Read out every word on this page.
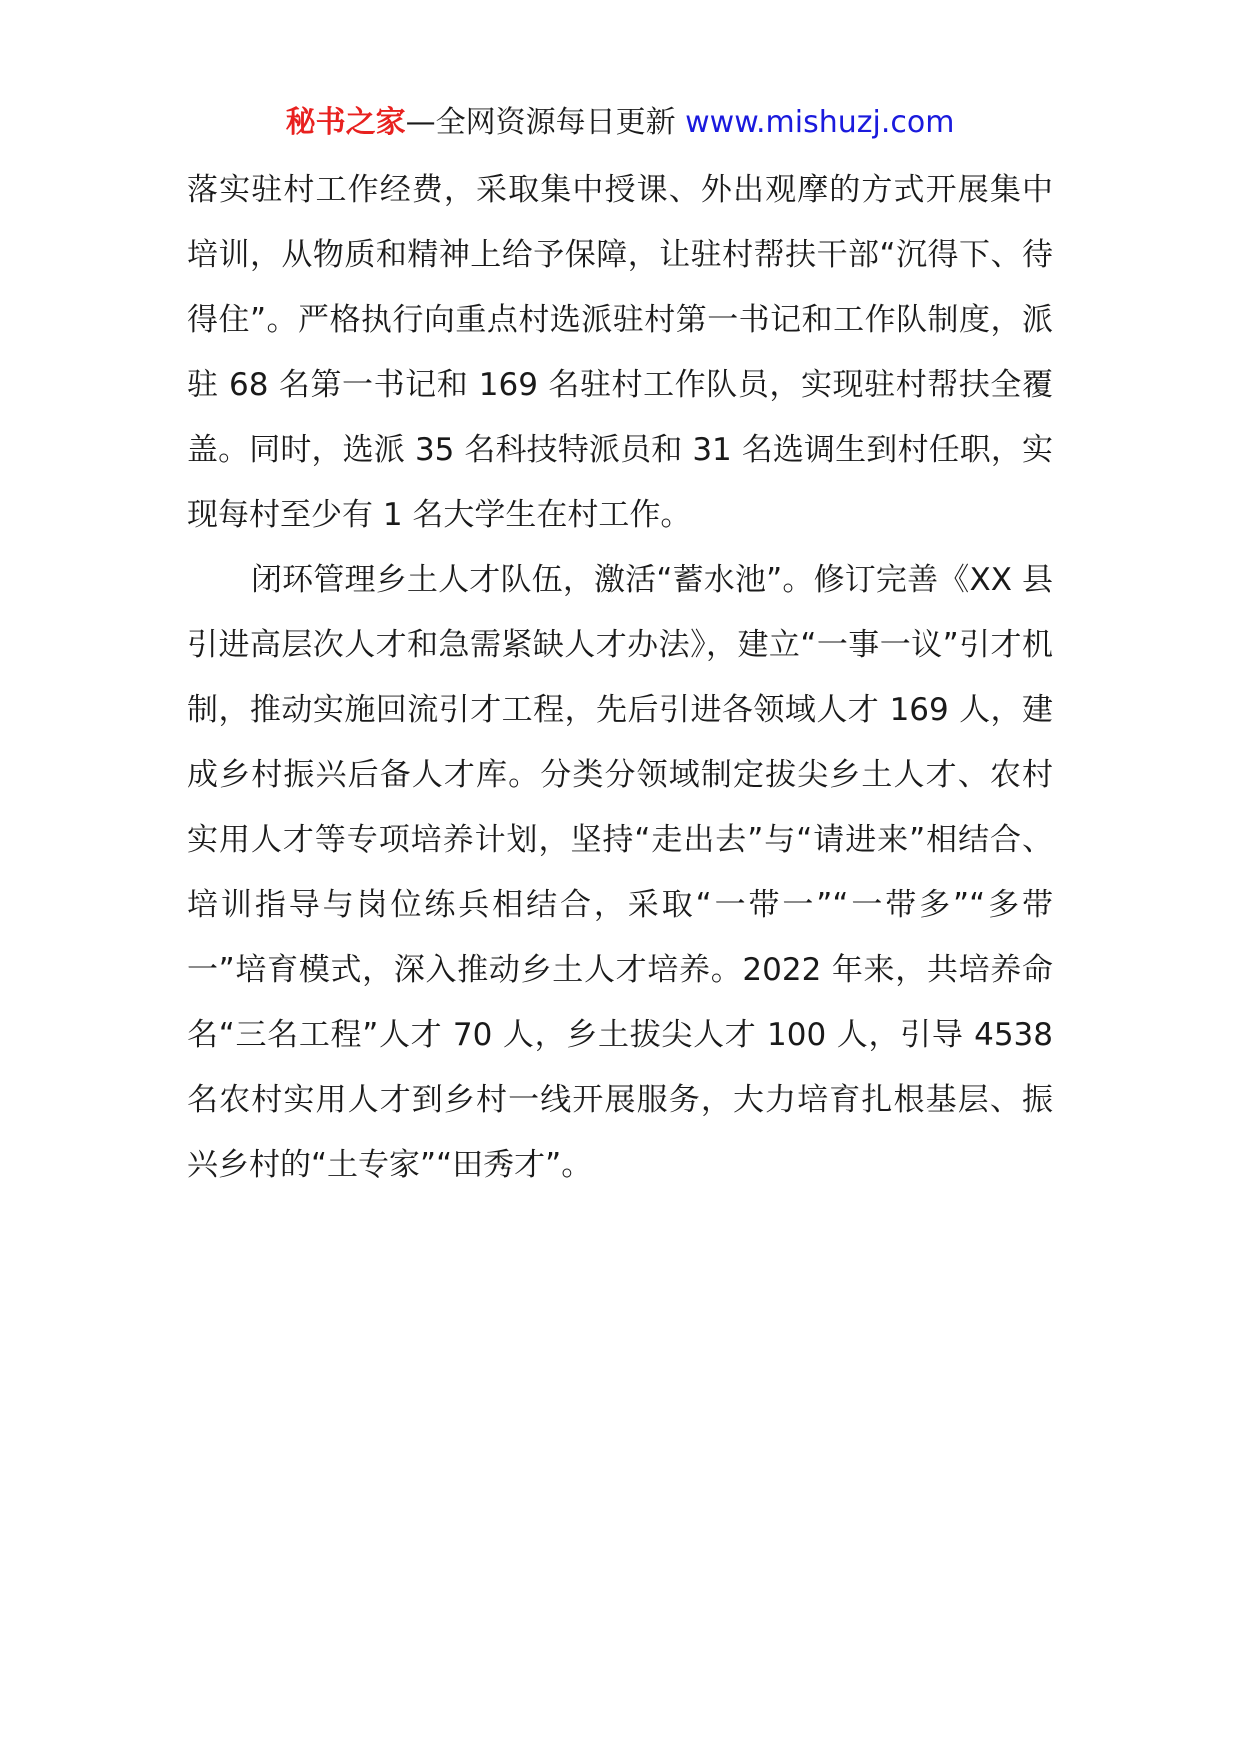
秘书之家—全网资源每日更新 www.mishuzj.com

落实驻村工作经费，采取集中授课、外出观摩的方式开展集中培训，从物质和精神上给予保障，让驻村帮扶干部“沉得下、待得住”。严格执行向重点村选派驻村第一书记和工作队制度，派驻 68 名第一书记和 169 名驻村工作队员，实现驻村帮扶全覆盖。同时，选派 35 名科技特派员和 31 名选调生到村任职，实现每村至少有 1 名大学生在村工作。

闭环管理乡土人才队伍，激活“蓄水池”。修订完善《XX 县引进高层次人才和急需紧缺人才办法》，建立“一事一议”引才机制，推动实施回流引才工程，先后引进各领域人才 169 人，建成乡村振兴后备人才库。分类分领域制定拔尖乡土人才、农村实用人才等专项培养计划，坚持“走出去”与“请进来”相结合、培训指导与岗位练兵相结合，采取“一带一”“一带多”“多带一”培育模式，深入推动乡土人才培养。2022 年来，共培养命名“三名工程”人才 70 人，乡土拔尖人才 100 人，引导 4538 名农村实用人才到乡村一线开展服务，大力培育扎根基层、振兴乡村的“土专家”“田秀才”。
